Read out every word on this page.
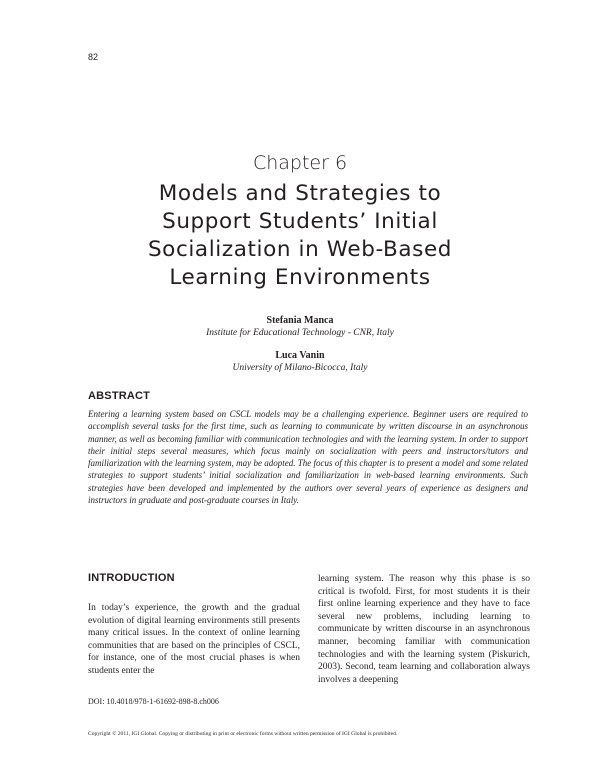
82
Chapter 6
Models and Strategies to
Support Students’ Initial
Socialization in Web-Based
Learning Environments
Stefania Manca
Institute for Educational Technology - CNR, Italy
Luca Vanin
University of Milano-Bicocca, Italy
ABSTRACT

Entering a learning system based on CSCL models may be a challenging experience. Beginner users are required to accomplish several tasks for the first time, such as learning to communicate by written discourse in an asynchronous manner, as well as becoming familiar with communication technologies and with the learning system. In order to support their initial steps several measures, which focus mainly on socialization with peers and instructors/tutors and familiarization with the learning system, may be adopted. The focus of this chapter is to present a model and some related strategies to support students’ initial socialization and familiarization in web-based learning environments. Such strategies have been developed and implemented by the authors over several years of experience as designers and instructors in graduate and post-graduate courses in Italy.

INTRODUCTION

In today’s experience, the growth and the gradual evolution of digital learning environments still presents many critical issues. In the context of online learning communities that are based on the principles of CSCL, for instance, one of the most crucial phases is when students enter the

learning system. The reason why this phase is so critical is twofold. First, for most students it is their first online learning experience and they have to face several new problems, including learning to communicate by written discourse in an asynchronous manner, becoming familiar with communication technologies and with the learning system (Piskurich, 2003). Second, team learning and collaboration always involves a deepening

DOI: 10.4018/978-1-61692-898-8.ch006
Copyright © 2011, IGI Global. Copying or distributing in print or electronic forms without written permission of IGI Global is prohibited.
